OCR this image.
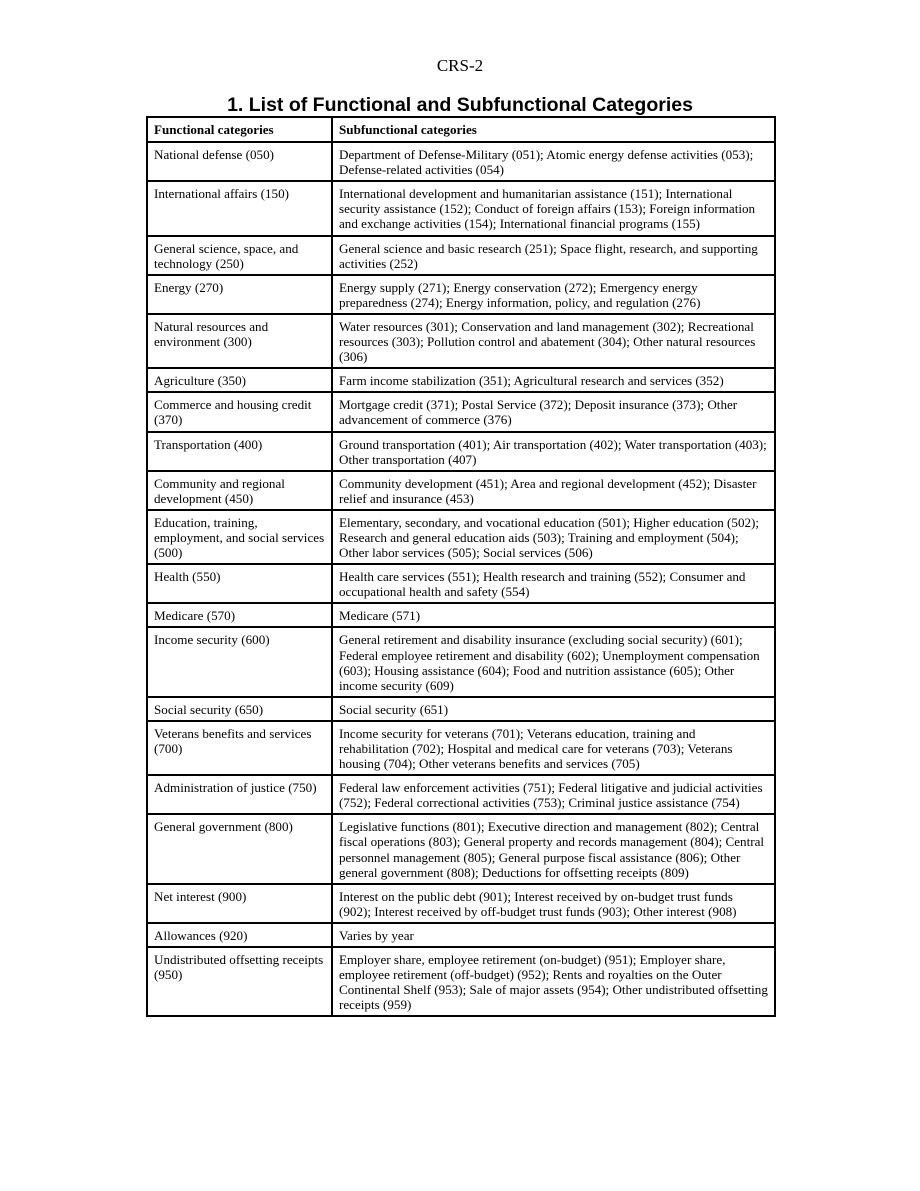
CRS-2
1. List of Functional and Subfunctional Categories
Functional categories	Subfunctional categories
National defense (050)	Department of Defense-Military (051); Atomic energy defense activities (053); Defense-related activities (054)
International affairs (150)	International development and humanitarian assistance (151); International security assistance (152); Conduct of foreign affairs (153); Foreign information and exchange activities (154); International financial programs (155)
General science, space, and technology (250)	General science and basic research (251); Space flight, research, and supporting activities (252)
Energy (270)	Energy supply (271); Energy conservation (272); Emergency energy preparedness (274); Energy information, policy, and regulation (276)
Natural resources and environment (300)	Water resources (301); Conservation and land management (302); Recreational resources (303); Pollution control and abatement (304); Other natural resources (306)
Agriculture (350)	Farm income stabilization (351); Agricultural research and services (352)
Commerce and housing credit (370)	Mortgage credit (371); Postal Service (372); Deposit insurance (373); Other advancement of commerce (376)
Transportation (400)	Ground transportation (401); Air transportation (402); Water transportation (403); Other transportation (407)
Community and regional development (450)	Community development (451); Area and regional development (452); Disaster relief and insurance (453)
Education, training, employment, and social services (500)	Elementary, secondary, and vocational education (501); Higher education (502); Research and general education aids (503); Training and employment (504); Other labor services (505); Social services (506)
Health (550)	Health care services (551); Health research and training (552); Consumer and occupational health and safety (554)
Medicare (570)	Medicare (571)
Income security (600)	General retirement and disability insurance (excluding social security) (601); Federal employee retirement and disability (602); Unemployment compensation (603); Housing assistance (604); Food and nutrition assistance (605); Other income security (609)
Social security (650)	Social security (651)
Veterans benefits and services (700)	Income security for veterans (701); Veterans education, training and rehabilitation (702); Hospital and medical care for veterans (703); Veterans housing (704); Other veterans benefits and services (705)
Administration of justice (750)	Federal law enforcement activities (751); Federal litigative and judicial activities (752); Federal correctional activities (753); Criminal justice assistance (754)
General government (800)	Legislative functions (801); Executive direction and management (802); Central fiscal operations (803); General property and records management (804); Central personnel management (805); General purpose fiscal assistance (806); Other general government (808); Deductions for offsetting receipts (809)
Net interest (900)	Interest on the public debt (901); Interest received by on-budget trust funds (902); Interest received by off-budget trust funds (903); Other interest (908)
Allowances (920)	Varies by year
Undistributed offsetting receipts (950)	Employer share, employee retirement (on-budget) (951); Employer share, employee retirement (off-budget) (952); Rents and royalties on the Outer Continental Shelf (953); Sale of major assets (954); Other undistributed offsetting receipts (959)
